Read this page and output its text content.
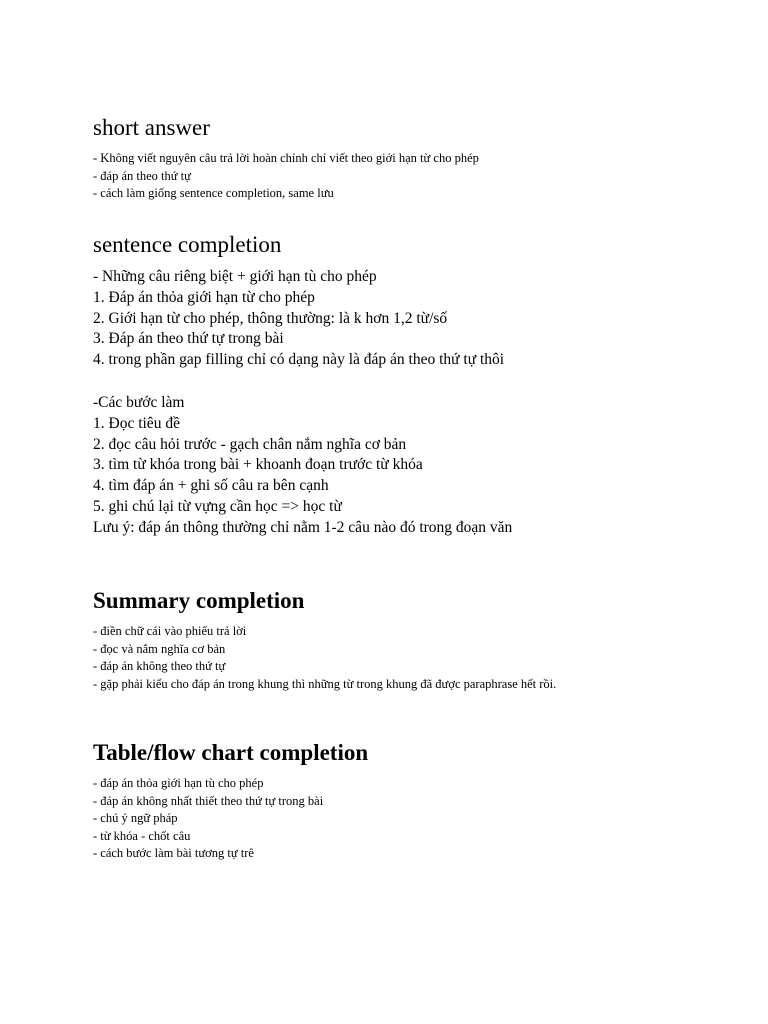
short answer
- Không viết nguyên câu trả lời hoàn chỉnh chỉ viết theo giới hạn từ cho phép
- đáp án theo thứ tự
- cách làm giống sentence completion, same lưu
sentence completion
- Những câu riêng biệt + giới hạn tù cho phép
1. Đáp án thỏa giới hạn từ cho phép
2. Giới hạn từ cho phép, thông thường: là k hơn 1,2 từ/số
3. Đáp án theo thứ tự trong bài
4. trong phần gap filling chỉ có dạng này là đáp án theo thứ tự thôi
-Các bước làm
1. Đọc tiêu đề
2. đọc câu hỏi trước - gạch chân nắm nghĩa cơ bản
3. tìm từ khóa trong bài + khoanh đoạn trước từ khóa
4. tìm đáp án + ghi số câu ra bên cạnh
5. ghi chú lại từ vựng cần học => học từ
Lưu ý: đáp án thông thường chỉ nằm 1-2 câu nào đó trong đoạn văn
Summary completion
- điền chữ cái vào phiếu trả lời
- đọc và nắm nghĩa cơ bản
- đáp án không theo thứ tự
- gặp phải kiểu cho đáp án trong khung thì những từ trong khung đã được paraphrase hết rồi.
Table/flow chart completion
- đáp án thỏa giới hạn tù cho phép
- đáp án không nhất thiết theo thứ tự trong bài
- chú ý ngữ pháp
- từ khóa - chốt câu
- cách bước làm bài tương tự trê
